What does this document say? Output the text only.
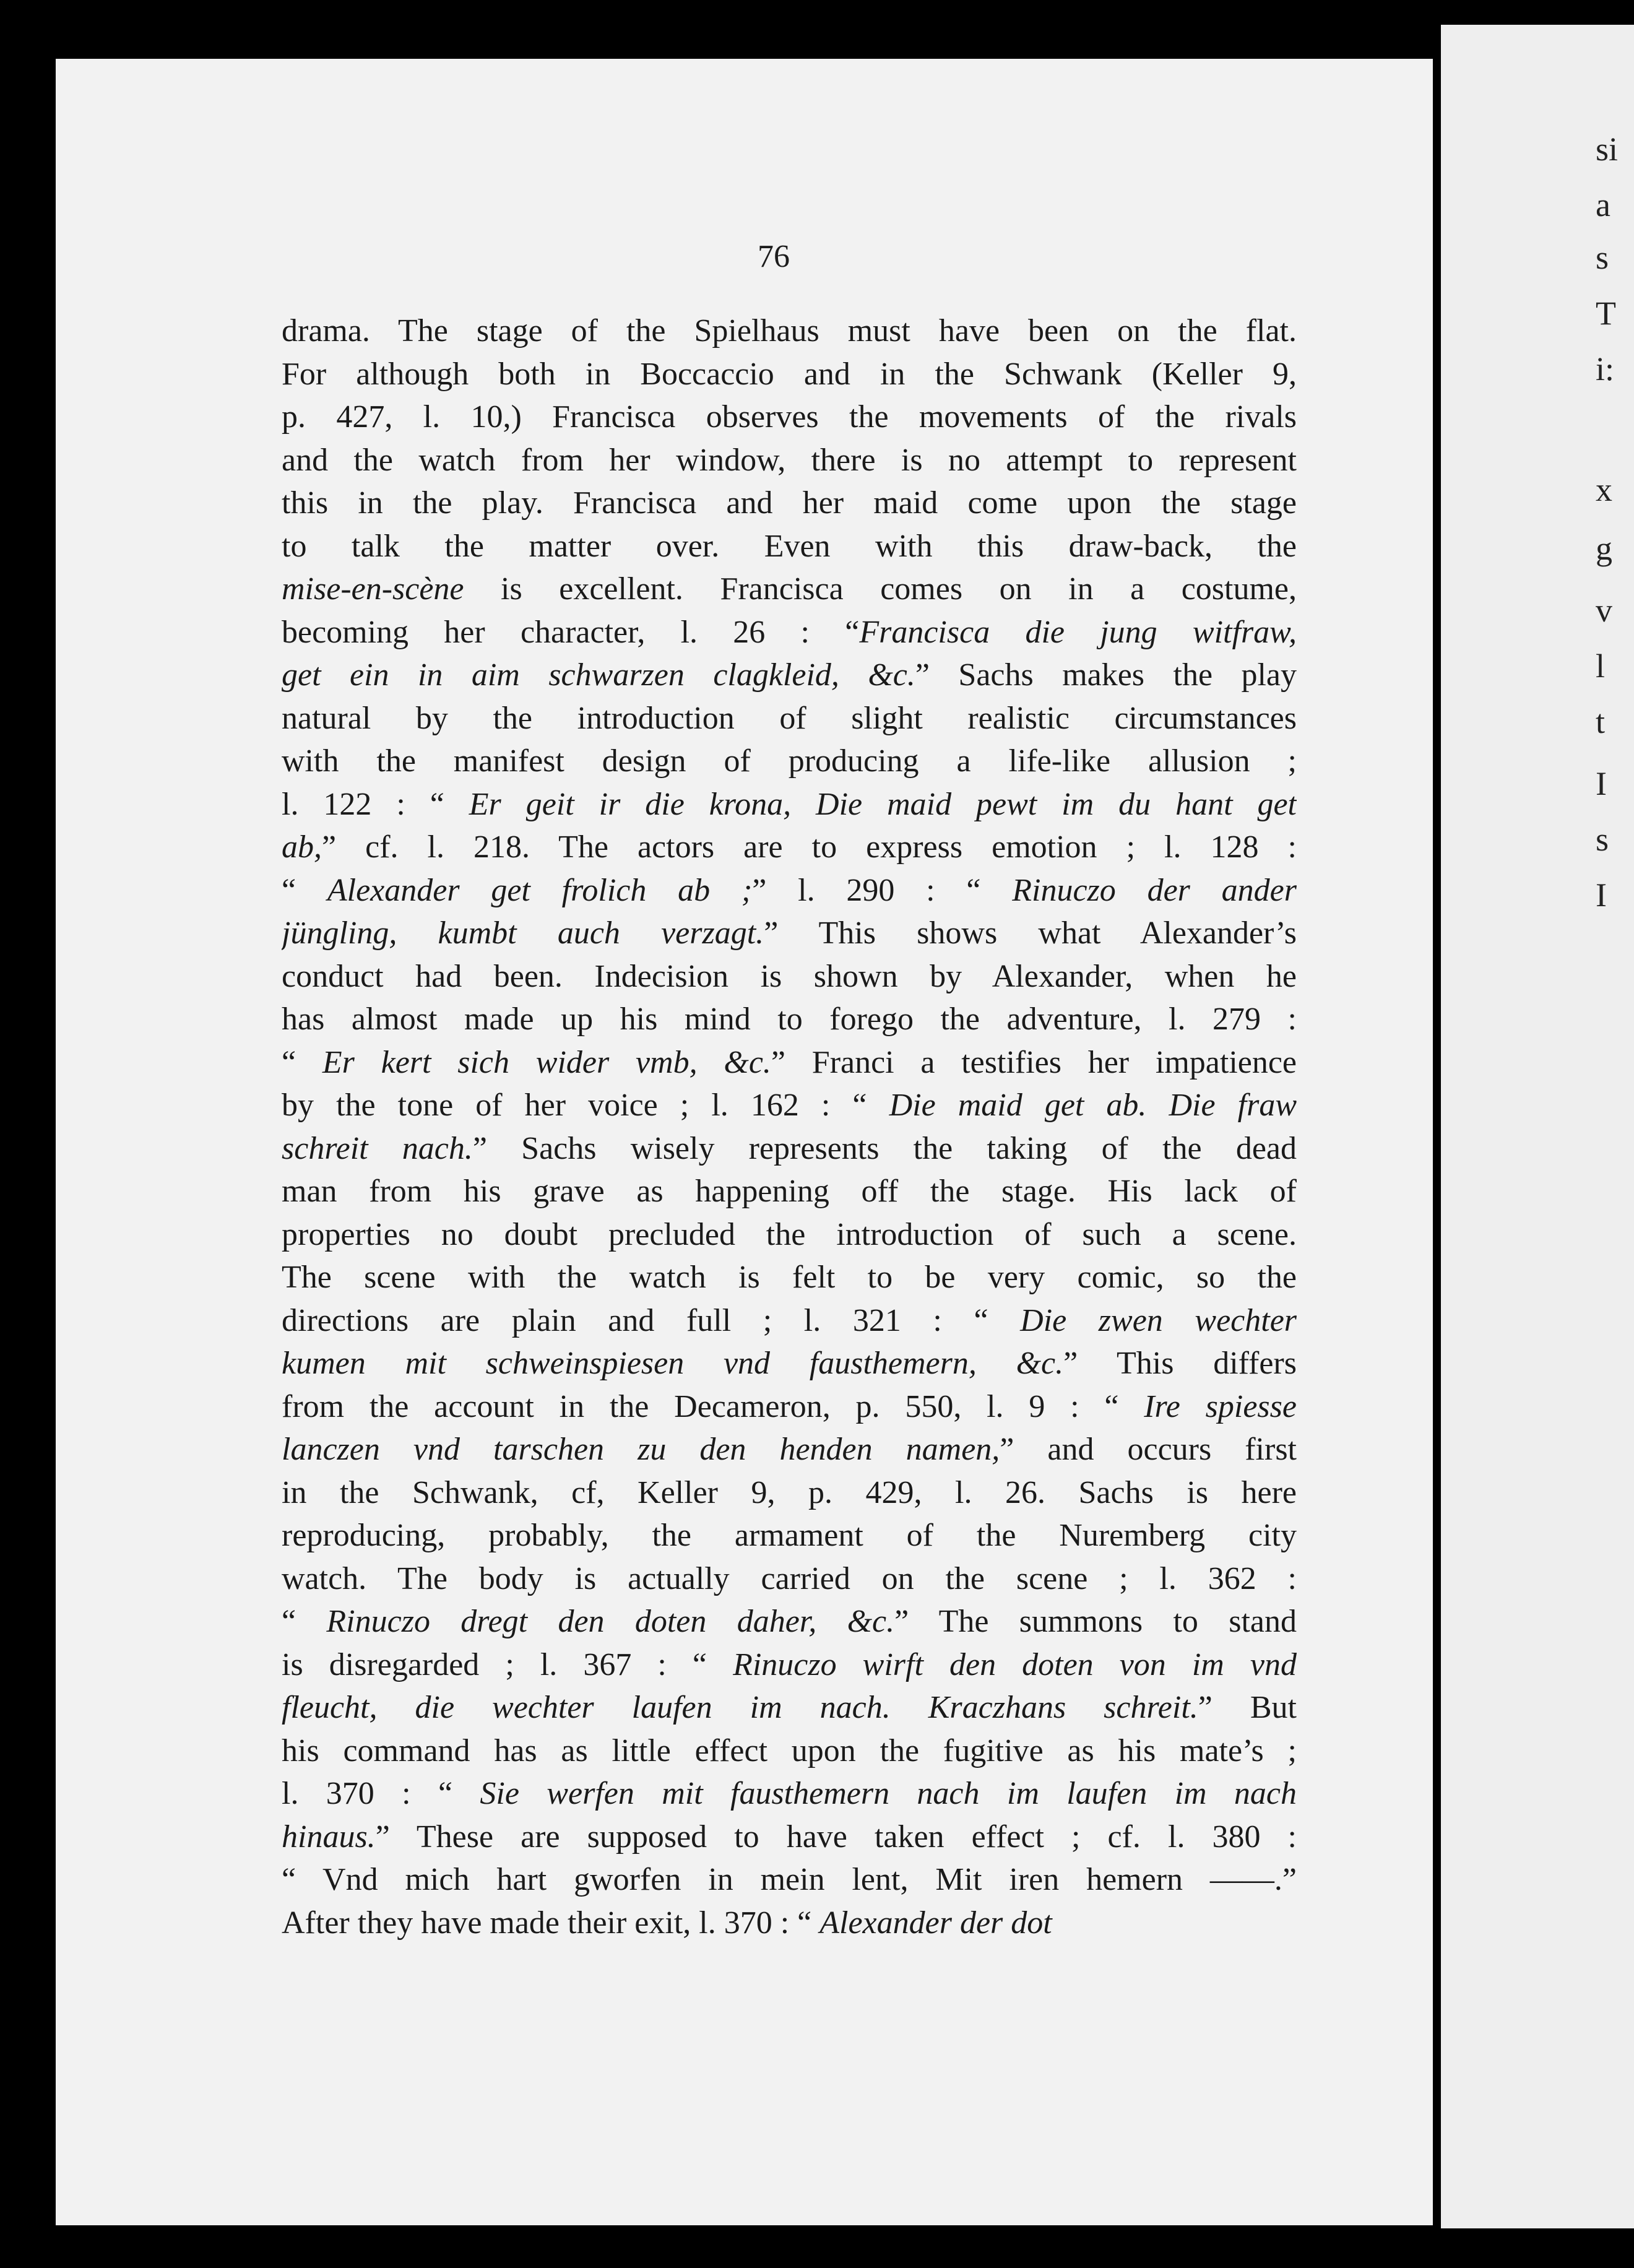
si
a
s
T
i:
x
g
v
l
t
I
s
I
76
drama. The stage of the Spielhaus must have been on the flat.
For although both in Boccaccio and in the Schwank (Keller 9,
p. 427, l. 10,) Francisca observes the movements of the rivals
and the watch from her window, there is no attempt to represent
this in the play. Francisca and her maid come upon the stage
to talk the matter over. Even with this draw-back, the
mise-en-scène is excellent. Francisca comes on in a costume,
becoming her character, l. 26 : “Francisca die jung witfraw,
get ein in aim schwarzen clagkleid, &c.” Sachs makes the play
natural by the introduction of slight realistic circumstances
with the manifest design of producing a life-like allusion ;
l. 122 : “ Er geit ir die krona, Die maid pewt im du hant get
ab,” cf. l. 218. The actors are to express emotion ; l. 128 :
“ Alexander get frolich ab ;” l. 290 : “ Rinuczo der ander
jüngling, kumbt auch verzagt.” This shows what Alexander’s
conduct had been. Indecision is shown by Alexander, when he
has almost made up his mind to forego the adventure, l. 279 :
“ Er kert sich wider vmb, &c.” Franci a testifies her impatience
by the tone of her voice ; l. 162 : “ Die maid get ab. Die fraw
schreit nach.” Sachs wisely represents the taking of the dead
man from his grave as happening off the stage. His lack of
properties no doubt precluded the introduction of such a scene.
The scene with the watch is felt to be very comic, so the
directions are plain and full ; l. 321 : “ Die zwen wechter
kumen mit schweinspiesen vnd fausthemern, &c.” This differs
from the account in the Decameron, p. 550, l. 9 : “ Ire spiesse
lanczen vnd tarschen zu den henden namen,” and occurs first
in the Schwank, cf, Keller 9, p. 429, l. 26. Sachs is here
reproducing, probably, the armament of the Nuremberg city
watch. The body is actually carried on the scene ; l. 362 :
“ Rinuczo dregt den doten daher, &c.” The summons to stand
is disregarded ; l. 367 : “ Rinuczo wirft den doten von im vnd
fleucht, die wechter laufen im nach. Kraczhans schreit.” But
his command has as little effect upon the fugitive as his mate’s ;
l. 370 : “ Sie werfen mit fausthemern nach im laufen im nach
hinaus.” These are supposed to have taken effect ; cf. l. 380 :
“ Vnd mich hart gworfen in mein lent, Mit iren hemern ——.”
After they have made their exit, l. 370 : “ Alexander der dot
